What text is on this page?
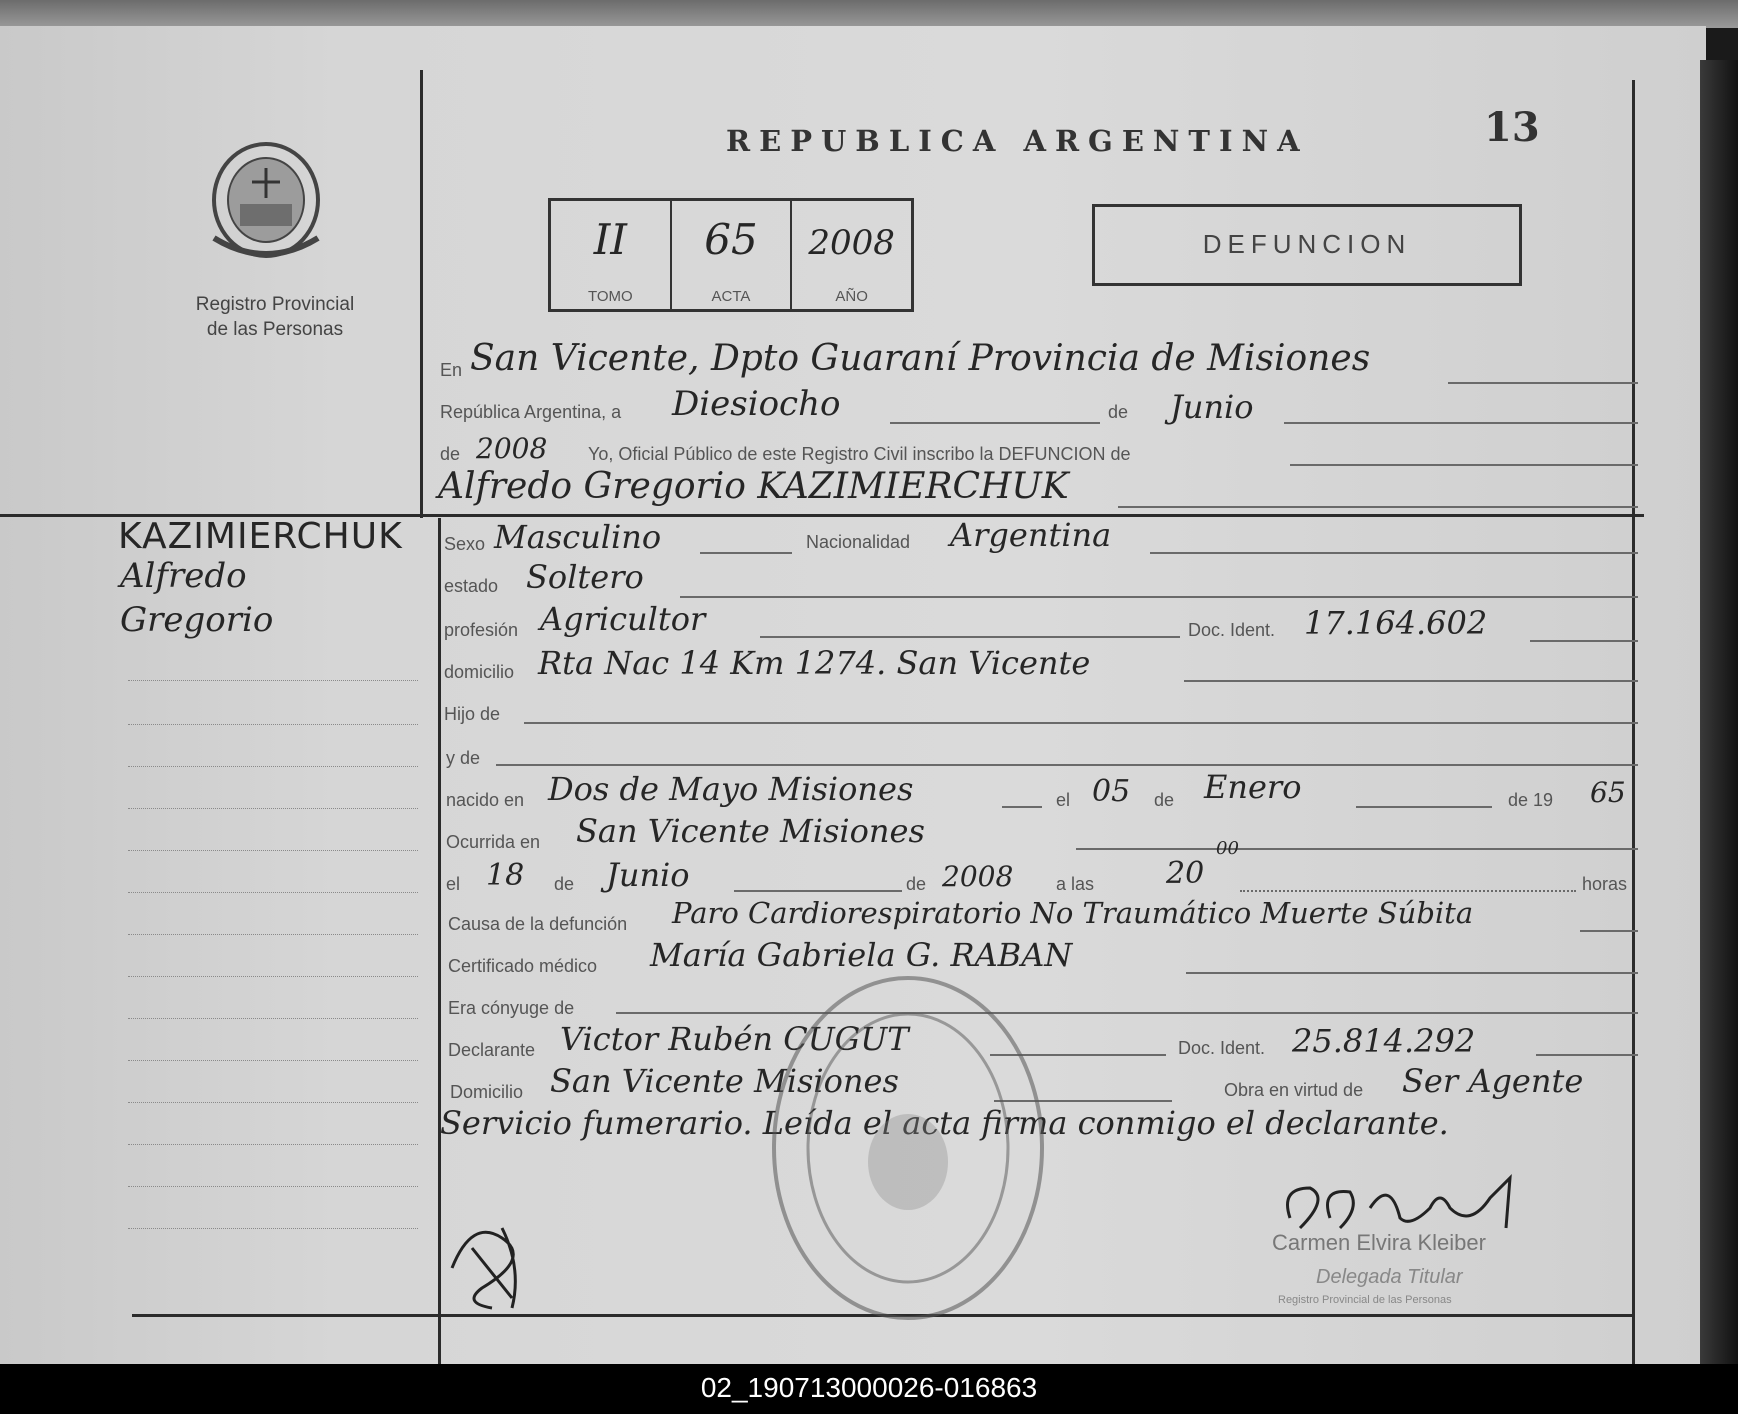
Registro Provincial
de las Personas
REPUBLICA ARGENTINA	13
II
TOMO
65
ACTA
2008
AÑO
DEFUNCION
KAZIMIERCHUK
Alfredo
Gregorio
En San Vicente, Dpto Guaraní Provincia de Misiones
República Argentina, a Diesiocho	de Junio
de 2008 Yo, Oficial Público de este Registro Civil inscribo la DEFUNCION de
Alfredo Gregorio KAZIMIERCHUK
Sexo Masculino	Nacionalidad Argentina
estado Soltero
profesión Agricultor	Doc. Ident. 17.164.602
domicilio Rta Nac 14 Km 1274. San Vicente
Hijo de
y de
nacido en Dos de Mayo Misiones	el 05 de Enero	de 19 65
Ocurrida en San Vicente Misiones
el 18 de Junio	de 2008 a las 20
00
horas
Causa de la defunción Paro Cardiorespiratorio No Traumático Muerte Súbita
Certificado médico María Gabriela G. RABAN
Era cónyuge de
Declarante Victor Rubén CUGUT	Doc. Ident. 25.814.292
Domicilio San Vicente Misiones	Obra en virtud de Ser Agente
Servicio fumerario. Leída el acta firma conmigo el declarante.
Carmen Elvira Kleiber
Delegada Titular
Registro Provincial de las Personas
02_190713000026-016863
